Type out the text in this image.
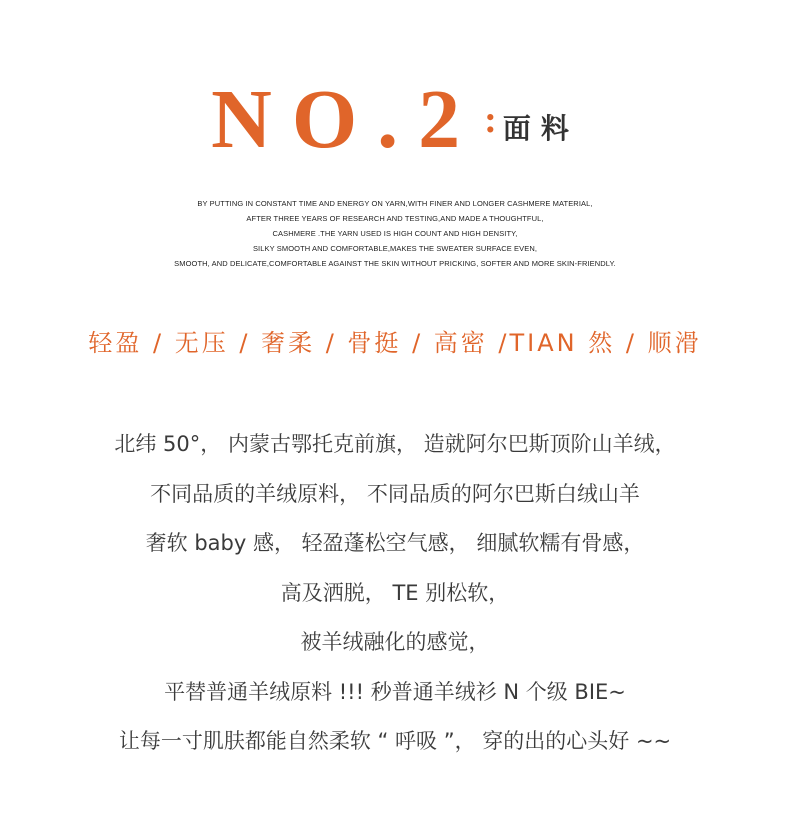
NO.2 : 面料
BY PUTTING IN CONSTANT TIME AND ENERGY ON YARN,WITH FINER AND LONGER CASHMERE MATERIAL,
AFTER THREE YEARS OF RESEARCH AND TESTING,AND MADE A THOUGHTFUL,
CASHMERE .THE YARN USED IS HIGH COUNT AND HIGH DENSITY,
SILKY SMOOTH AND COMFORTABLE,MAKES THE SWEATER SURFACE EVEN,
SMOOTH, AND DELICATE,COMFORTABLE AGAINST THE SKIN WITHOUT PRICKING, SOFTER AND MORE SKIN-FRIENDLY.
轻盈 / 无压 / 奢柔 / 骨挺 / 高密 /TIAN 然 / 顺滑
北纬 50°， 内蒙古鄂托克前旗， 造就阿尔巴斯顶阶山羊绒，
不同品质的羊绒原料， 不同品质的阿尔巴斯白绒山羊
奢软 baby 感， 轻盈蓬松空气感， 细腻软糯有骨感，
高及洒脱， TE 别松软，
被羊绒融化的感觉，
平替普通羊绒原料 !!! 秒普通羊绒衫 N 个级 BIE~
让每一寸肌肤都能自然柔软 “ 呼吸 ”， 穿的出的心头好 ~~
